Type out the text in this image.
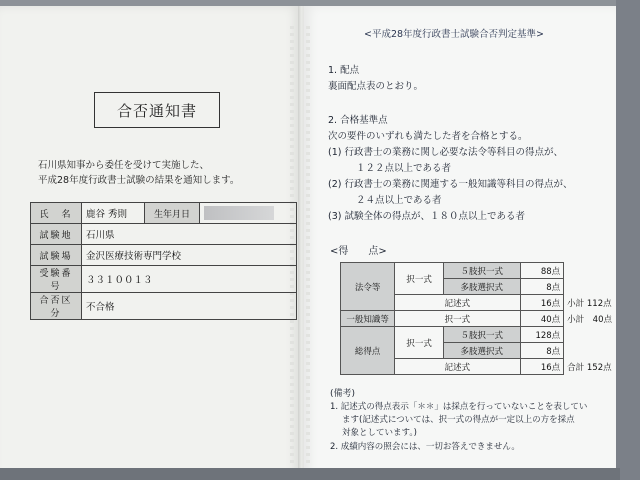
合否通知書
石川県知事から委任を受けて実施した、
平成28年度行政書士試験の結果を通知します。
氏　名	鹿谷 秀則	生年月日	
試験地	石川県		
試験場	金沢医療技術専門学校		
受験番号	３３１００１３		
合否区分	不合格		
<平成28年度行政書士試験合否判定基準>
1. 配点
裏面配点表のとおり。
2. 合格基準点
次の要件のいずれも満たした者を合格とする。
(1) 行政書士の業務に関し必要な法令等科目の得点が、
１２２点以上である者
(2) 行政書士の業務に関連する一般知識等科目の得点が、
２４点以上である者
(3) 試験全体の得点が、１８０点以上である者
<得　　点>
法令等	択一式	５肢択一式	88点	
		多肢選択式	8点	
	記述式		16点	小計 112点
一般知識等	択一式		40点	小計　40点
総得点	択一式	５肢択一式	128点	
		多肢選択式	8点	
	記述式		16点	合計 152点
(備考)
1. 記述式の得点表示「＊＊」は採点を行っていないことを表してい
ます(記述式については、択一式の得点が一定以上の方を採点
対象としています。)
2. 成績内容の照会には、一切お答えできません。
